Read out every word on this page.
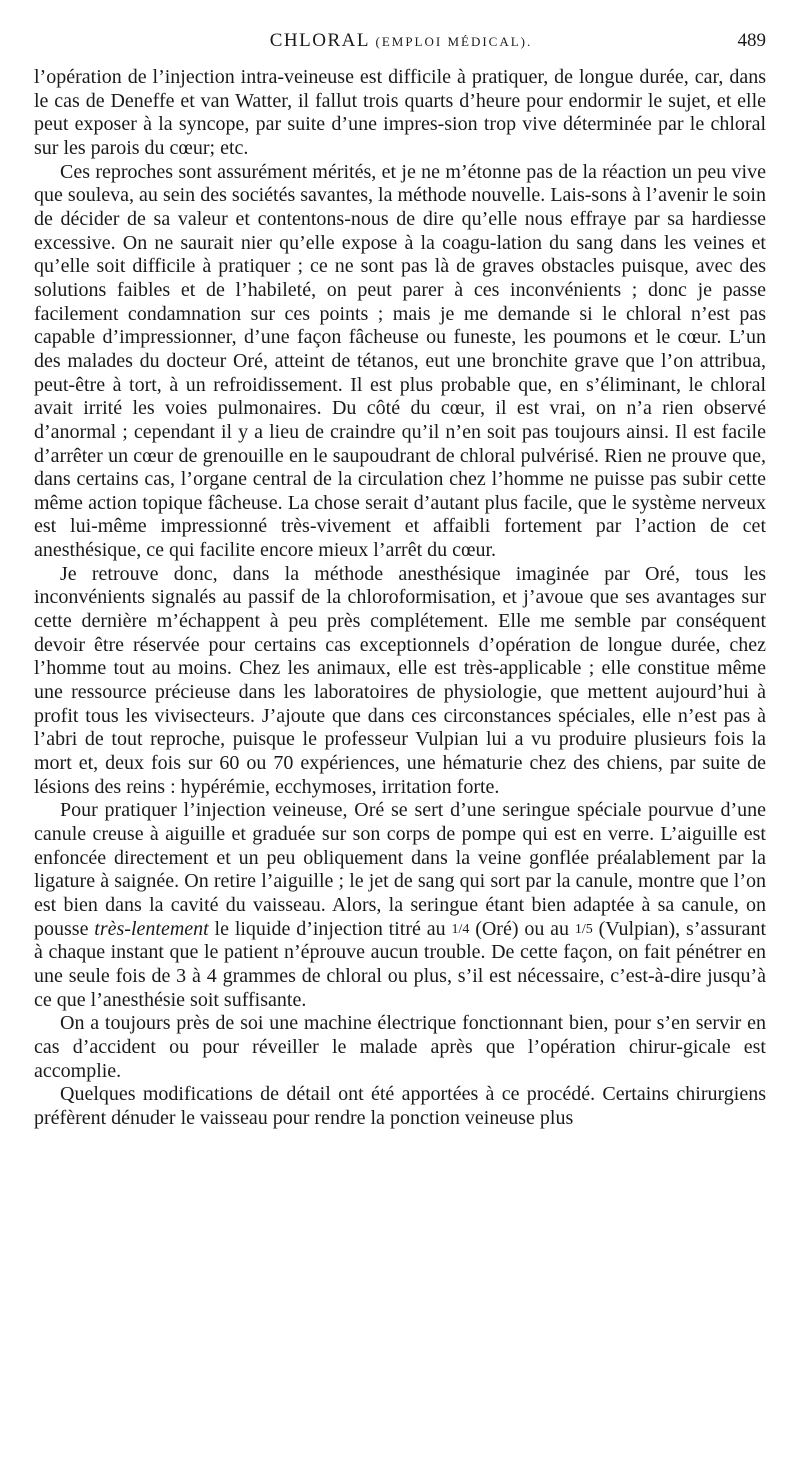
CHLORAL (EMPLOI MÉDICAL).	489

l’opération de l’injection intra-veineuse est difficile à pratiquer, de longue durée, car, dans le cas de Deneffe et van Watter, il fallut trois quarts d’heure pour endormir le sujet, et elle peut exposer à la syncope, par suite d’une impres-sion trop vive déterminée par le chloral sur les parois du cœur; etc.

Ces reproches sont assurément mérités, et je ne m’étonne pas de la réaction un peu vive que souleva, au sein des sociétés savantes, la méthode nouvelle. Lais-sons à l’avenir le soin de décider de sa valeur et contentons-nous de dire qu’elle nous effraye par sa hardiesse excessive. On ne saurait nier qu’elle expose à la coagu-lation du sang dans les veines et qu’elle soit difficile à pratiquer ; ce ne sont pas là de graves obstacles puisque, avec des solutions faibles et de l’habileté, on peut parer à ces inconvénients ; donc je passe facilement condamnation sur ces points ; mais je me demande si le chloral n’est pas capable d’impressionner, d’une façon fâcheuse ou funeste, les poumons et le cœur. L’un des malades du docteur Oré, atteint de tétanos, eut une bronchite grave que l’on attribua, peut-être à tort, à un refroidissement. Il est plus probable que, en s’éliminant, le chloral avait irrité les voies pulmonaires. Du côté du cœur, il est vrai, on n’a rien observé d’anormal ; cependant il y a lieu de craindre qu’il n’en soit pas toujours ainsi. Il est facile d’arrêter un cœur de grenouille en le saupoudrant de chloral pulvérisé. Rien ne prouve que, dans certains cas, l’organe central de la circulation chez l’homme ne puisse pas subir cette même action topique fâcheuse. La chose serait d’autant plus facile, que le système nerveux est lui-même impressionné très-vivement et affaibli fortement par l’action de cet anesthésique, ce qui facilite encore mieux l’arrêt du cœur.

Je retrouve donc, dans la méthode anesthésique imaginée par Oré, tous les inconvénients signalés au passif de la chloroformisation, et j’avoue que ses avantages sur cette dernière m’échappent à peu près complétement. Elle me semble par conséquent devoir être réservée pour certains cas exceptionnels d’opération de longue durée, chez l’homme tout au moins. Chez les animaux, elle est très-applicable ; elle constitue même une ressource précieuse dans les laboratoires de physiologie, que mettent aujourd’hui à profit tous les vivisecteurs. J’ajoute que dans ces circonstances spéciales, elle n’est pas à l’abri de tout reproche, puisque le professeur Vulpian lui a vu produire plusieurs fois la mort et, deux fois sur 60 ou 70 expériences, une hématurie chez des chiens, par suite de lésions des reins : hypérémie, ecchymoses, irritation forte.

Pour pratiquer l’injection veineuse, Oré se sert d’une seringue spéciale pourvue d’une canule creuse à aiguille et graduée sur son corps de pompe qui est en verre. L’aiguille est enfoncée directement et un peu obliquement dans la veine gonflée préalablement par la ligature à saignée. On retire l’aiguille ; le jet de sang qui sort par la canule, montre que l’on est bien dans la cavité du vaisseau. Alors, la seringue étant bien adaptée à sa canule, on pousse très-lentement le liquide d’injection titré au 1/4 (Oré) ou au 1/5 (Vulpian), s’assurant à chaque instant que le patient n’éprouve aucun trouble. De cette façon, on fait pénétrer en une seule fois de 3 à 4 grammes de chloral ou plus, s’il est nécessaire, c’est-à-dire jusqu’à ce que l’anesthésie soit suffisante.

On a toujours près de soi une machine électrique fonctionnant bien, pour s’en servir en cas d’accident ou pour réveiller le malade après que l’opération chirur-gicale est accomplie.

Quelques modifications de détail ont été apportées à ce procédé. Certains chirurgiens préfèrent dénuder le vaisseau pour rendre la ponction veineuse plus
